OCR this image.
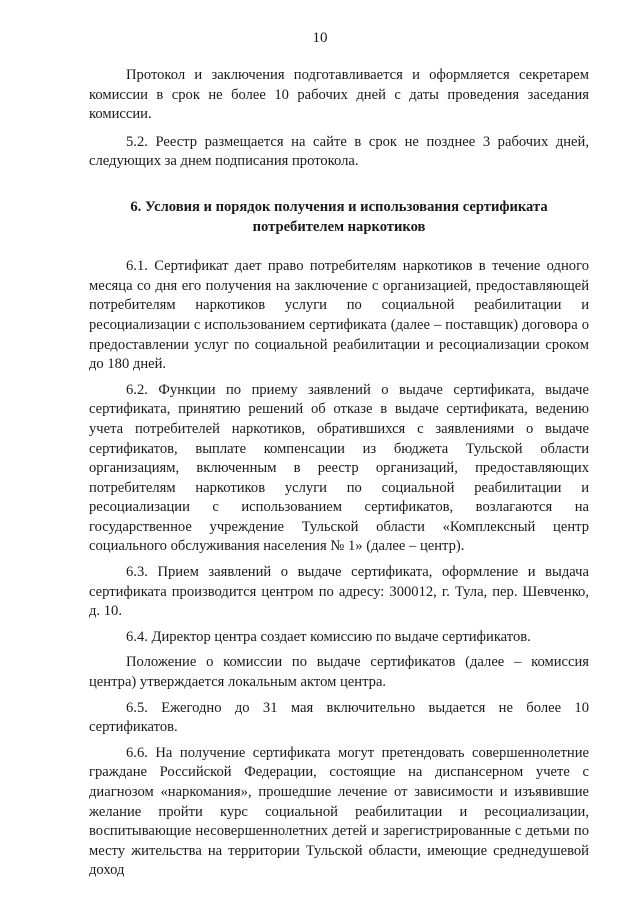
10

Протокол и заключения подготавливается и оформляется секретарем комиссии в срок не более 10 рабочих дней с даты проведения заседания комиссии.

5.2. Реестр размещается на сайте в срок не позднее 3 рабочих дней, следующих за днем подписания протокола.

6. Условия и порядок получения и использования сертификата потребителем наркотиков

6.1. Сертификат дает право потребителям наркотиков в течение одного месяца со дня его получения на заключение с организацией, предоставляющей потребителям наркотиков услуги по социальной реабилитации и ресоциализации с использованием сертификата (далее – поставщик) договора о предоставлении услуг по социальной реабилитации и ресоциализации сроком до 180 дней.

6.2. Функции по приему заявлений о выдаче сертификата, выдаче сертификата, принятию решений об отказе в выдаче сертификата, ведению учета потребителей наркотиков, обратившихся с заявлениями о выдаче сертификатов, выплате компенсации из бюджета Тульской области организациям, включенным в реестр организаций, предоставляющих потребителям наркотиков услуги по социальной реабилитации и ресоциализации с использованием сертификатов, возлагаются на государственное учреждение Тульской области «Комплексный центр социального обслуживания населения № 1» (далее – центр).

6.3. Прием заявлений о выдаче сертификата, оформление и выдача сертификата производится центром по адресу: 300012, г. Тула, пер. Шевченко, д. 10.

6.4. Директор центра создает комиссию по выдаче сертификатов.

Положение о комиссии по выдаче сертификатов (далее – комиссия центра) утверждается локальным актом центра.

6.5. Ежегодно до 31 мая включительно выдается не более 10 сертификатов.

6.6. На получение сертификата могут претендовать совершеннолетние граждане Российской Федерации, состоящие на диспансерном учете с диагнозом «наркомания», прошедшие лечение от зависимости и изъявившие желание пройти курс социальной реабилитации и ресоциализации, воспитывающие несовершеннолетних детей и зарегистрированные с детьми по месту жительства на территории Тульской области, имеющие среднедушевой доход
